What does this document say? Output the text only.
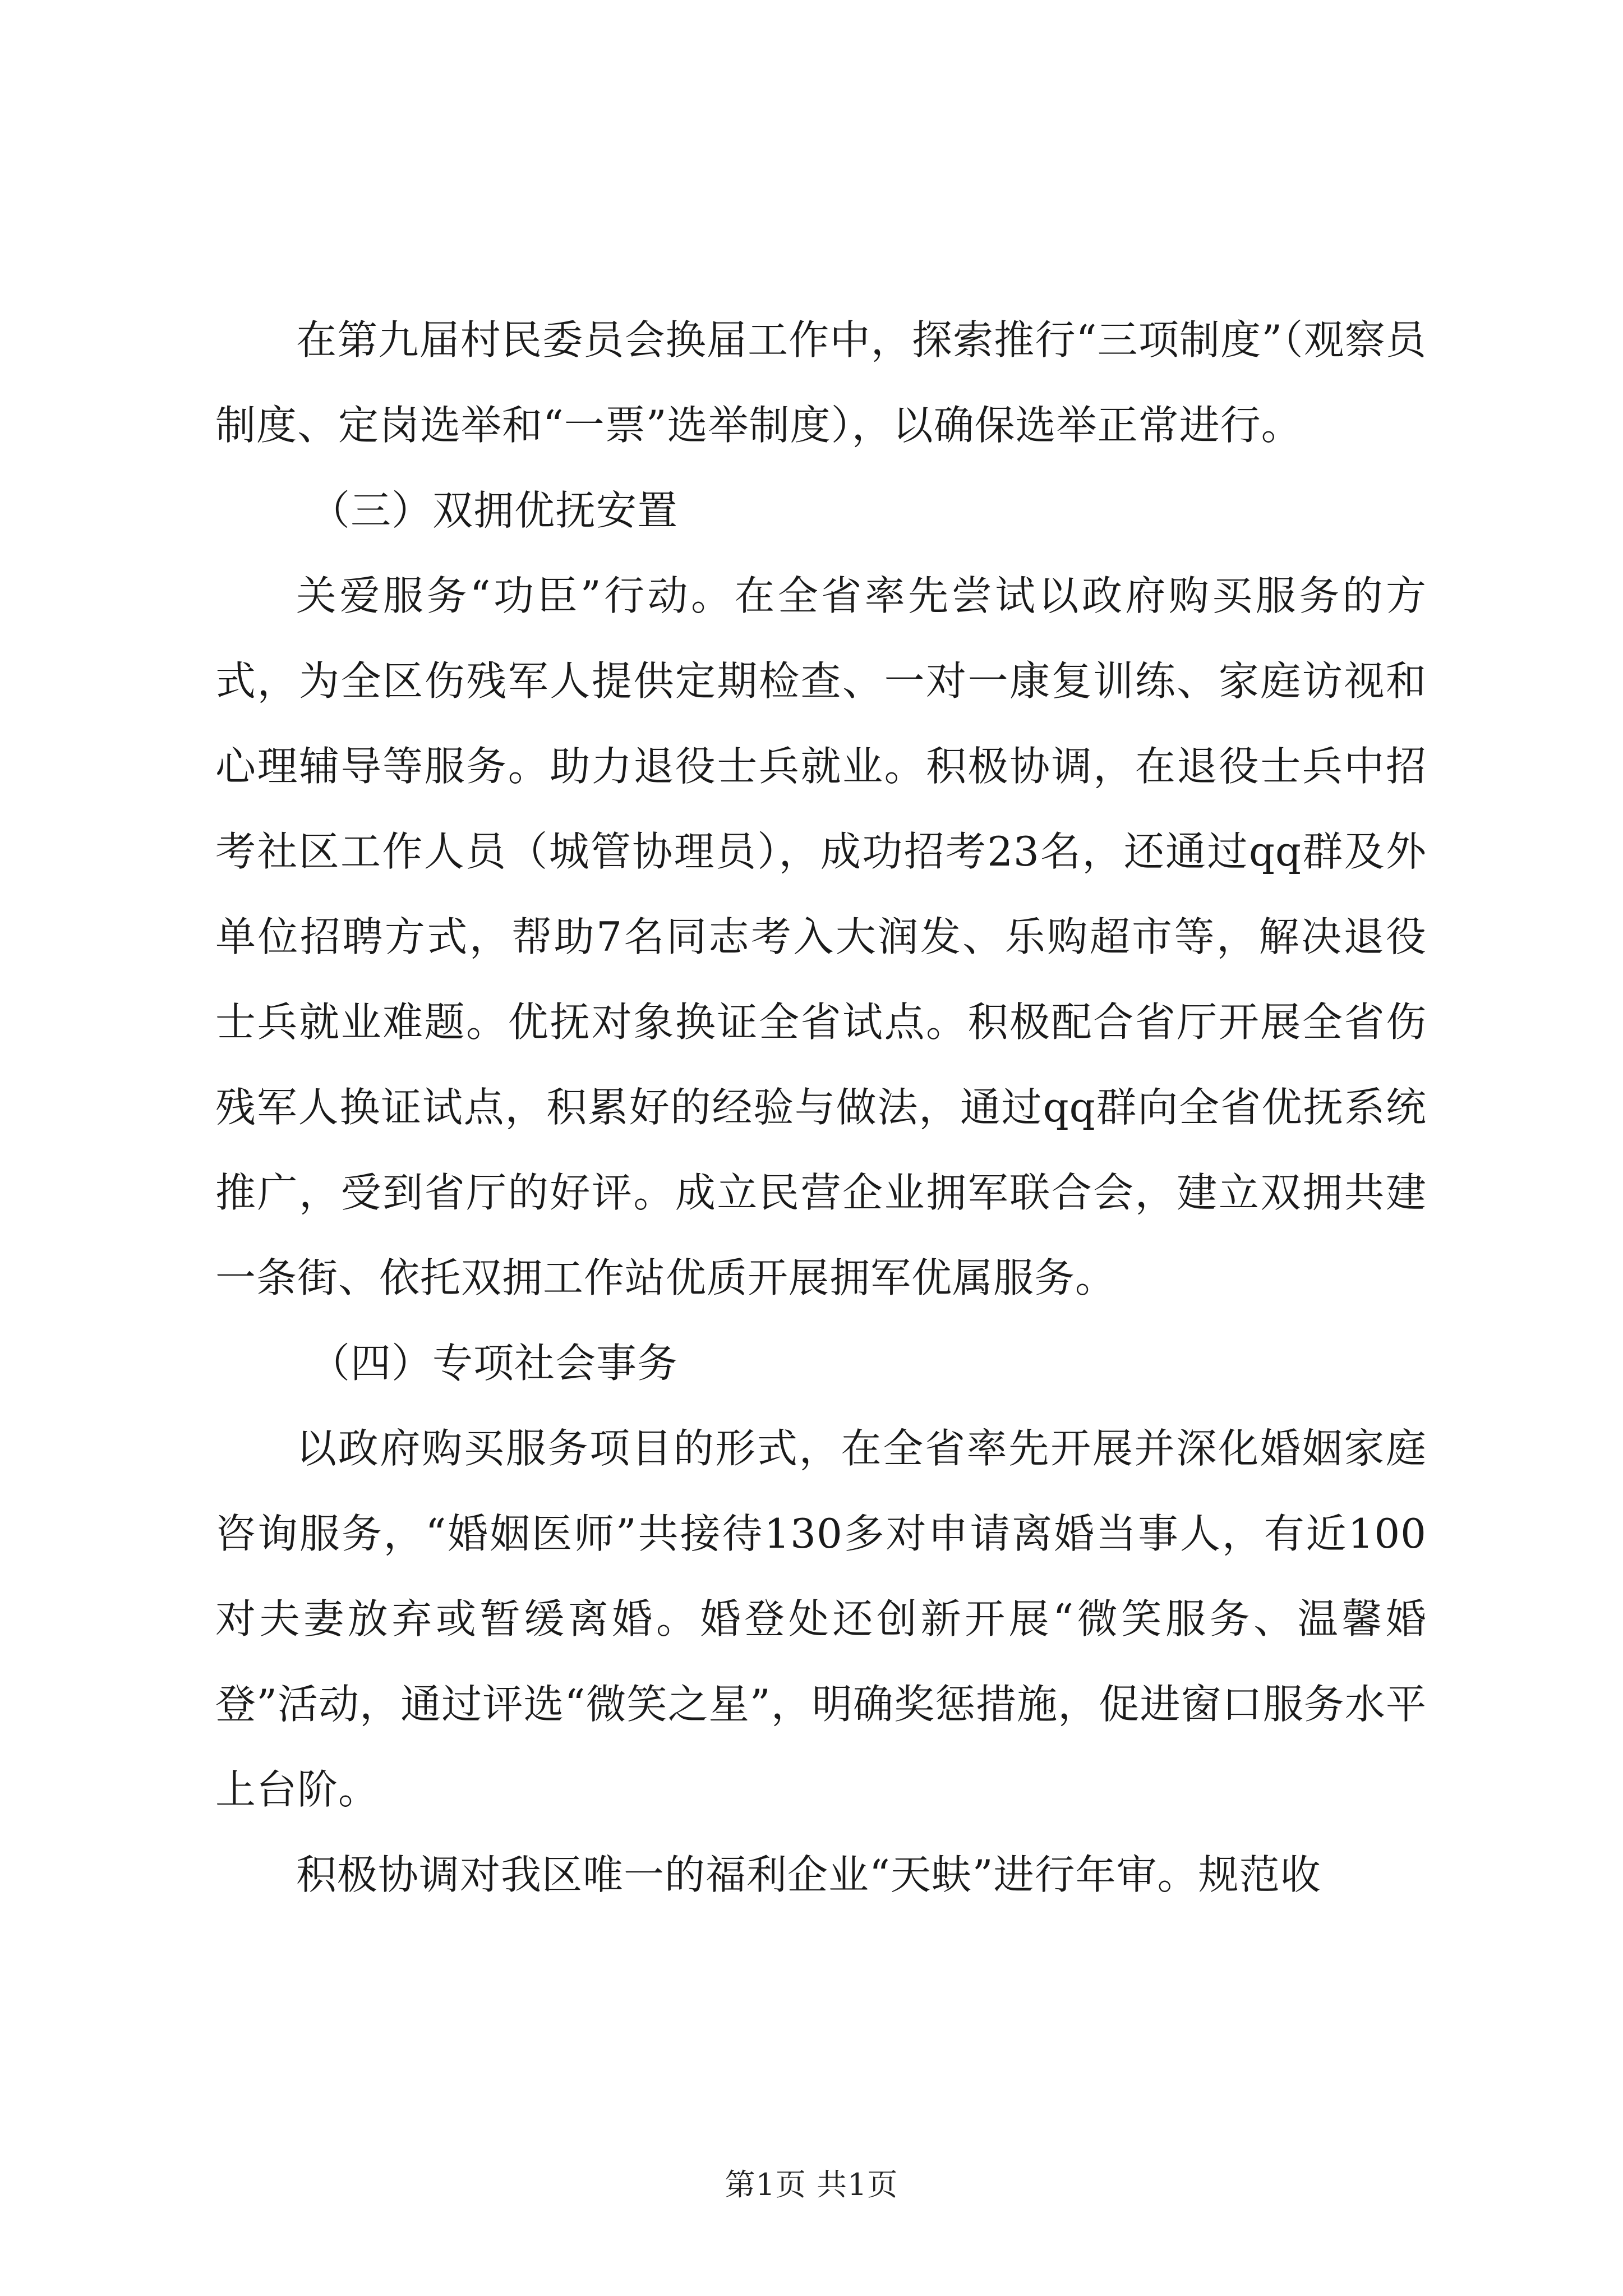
在第九届村民委员会换届工作中，探索推行“三项制度”（观察员制度、定岗选举和“一票”选举制度），以确保选举正常进行。

（三）双拥优抚安置

关爱服务“功臣”行动。在全省率先尝试以政府购买服务的方式，为全区伤残军人提供定期检查、一对一康复训练、家庭访视和心理辅导等服务。助力退役士兵就业。积极协调，在退役士兵中招考社区工作人员（城管协理员），成功招考23名，还通过qq群及外单位招聘方式，帮助7名同志考入大润发、乐购超市等，解决退役士兵就业难题。优抚对象换证全省试点。积极配合省厅开展全省伤残军人换证试点，积累好的经验与做法，通过qq群向全省优抚系统推广，受到省厅的好评。成立民营企业拥军联合会，建立双拥共建一条街、依托双拥工作站优质开展拥军优属服务。

（四）专项社会事务

以政府购买服务项目的形式，在全省率先开展并深化婚姻家庭咨询服务，“婚姻医师”共接待130多对申请离婚当事人，有近100对夫妻放弃或暂缓离婚。婚登处还创新开展“微笑服务、温馨婚登”活动，通过评选“微笑之星”，明确奖惩措施，促进窗口服务水平上台阶。

积极协调对我区唯一的福利企业“天蚨”进行年审。规范收

第1页 共1页
